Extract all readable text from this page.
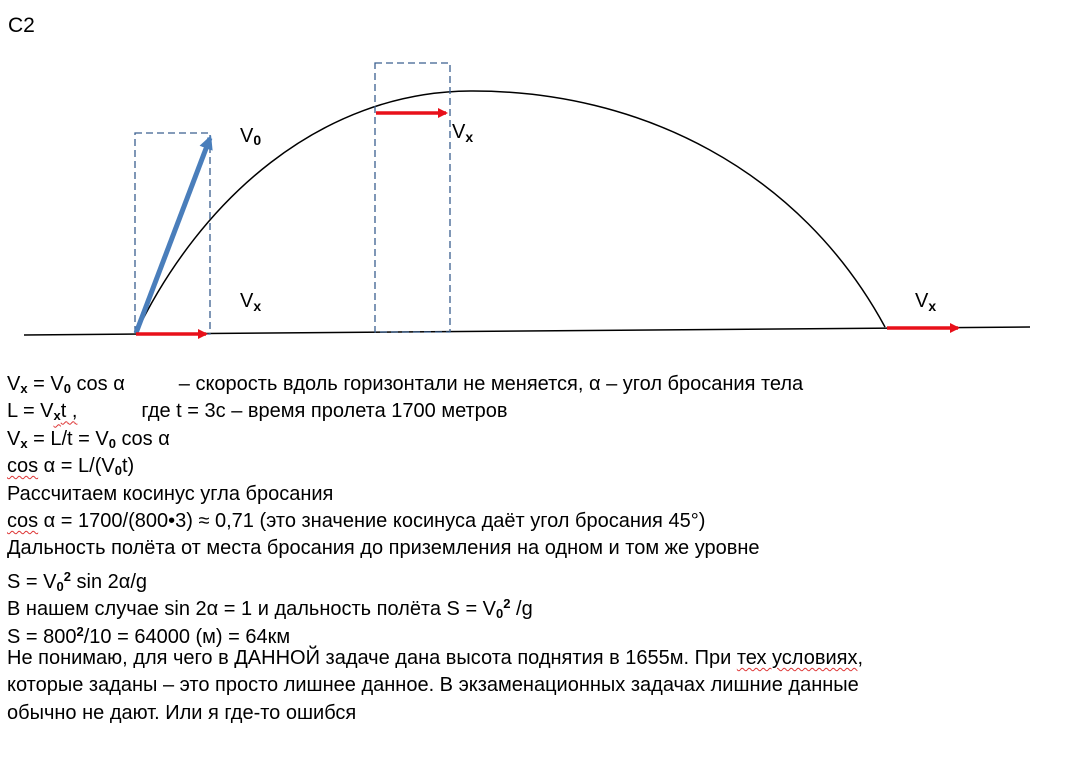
C2
V0
$V_x$
$V_x$
$V_x$
Vx = V0 cos α	– скорость вдоль горизонтали не меняется, α – угол бросания тела
L = Vxt ,	где t = 3с – время пролета 1700 метров
Vx = L/t = V0 cos α
cos α = L/(V0t)
Рассчитаем косинус угла бросания
cos α = 1700/(800•3) ≈ 0,71 (это значение косинуса даёт угол бросания 45°)
Дальность полёта от места бросания до приземления на одном и том же уровне
$S = V0^2$ sin 2α/g
В нашем случае sin 2α = 1 и дальность полёта $S = V0^2$ /g
$S = 800^2/10 = 64000$ (м) = 64км
Не понимаю, для чего в ДАННОЙ задаче дана высота поднятия в 1655м. При тех условиях,
которые заданы – это просто лишнее данное. В экзаменационных задачах лишние данные
обычно не дают. Или я где-то ошибся
